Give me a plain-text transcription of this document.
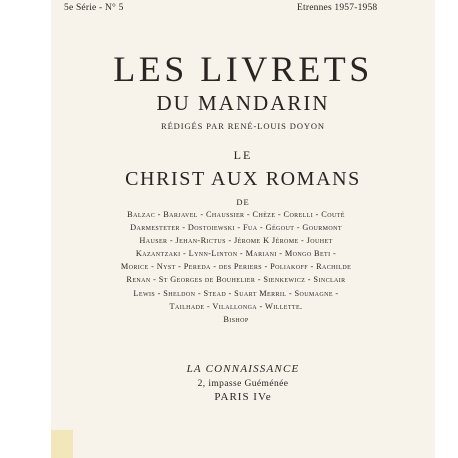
5e Série - N° 5	Etrennes 1957-1958
LES LIVRETS
DU MANDARIN
RÉDIGÉS PAR RENÉ-LOUIS DOYON
LE
CHRIST AUX ROMANS
DE
Balzac - Barjavel - Chaussier - Chèze - Corelli - Couté
Darmesteter - Dostoiewski - Fua - Gégout - Gourmont
Hauser - Jehan-Rictus - Jérome K Jérome - Jouhet
Kazantzaki - Lynn-Linton - Mariani - Mongo Beti -
Morice - Nyst - Pereda - des Periers - Poliakoff - Rachilde
Renan - St Georges de Bouhelier - Sienkewicz - Sinclair
Lewis - Sheldon - Stead - Suart Merril - Soumagne -
Tailhade - Vilallonga - Willette.
Bishop
LA CONNAISSANCE
2, impasse Guéménée
PARIS IVe
